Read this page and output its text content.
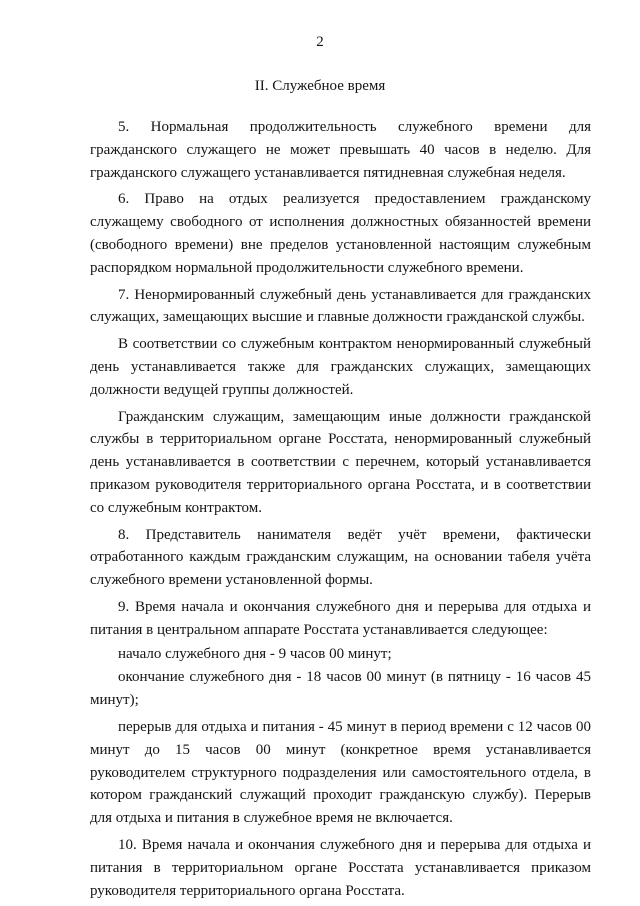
2
II. Служебное время

5. Нормальная продолжительность служебного времени для гражданского служащего не может превышать 40 часов в неделю. Для гражданского служащего устанавливается пятидневная служебная неделя.

6. Право на отдых реализуется предоставлением гражданскому служащему свободного от исполнения должностных обязанностей времени (свободного времени) вне пределов установленной настоящим служебным распорядком нормальной продолжительности служебного времени.

7. Ненормированный служебный день устанавливается для гражданских служащих, замещающих высшие и главные должности гражданской службы.

В соответствии со служебным контрактом ненормированный служебный день устанавливается также для гражданских служащих, замещающих должности ведущей группы должностей.

Гражданским служащим, замещающим иные должности гражданской службы в территориальном органе Росстата, ненормированный служебный день устанавливается в соответствии с перечнем, который устанавливается приказом руководителя территориального органа Росстата, и в соответствии со служебным контрактом.

8. Представитель нанимателя ведёт учёт времени, фактически отработанного каждым гражданским служащим, на основании табеля учёта служебного времени установленной формы.

9. Время начала и окончания служебного дня и перерыва для отдыха и питания в центральном аппарате Росстата устанавливается следующее:

начало служебного дня - 9 часов 00 минут;

окончание служебного дня - 18 часов 00 минут (в пятницу - 16 часов 45 минут);

перерыв для отдыха и питания - 45 минут в период времени с 12 часов 00 минут до 15 часов 00 минут (конкретное время устанавливается руководителем структурного подразделения или самостоятельного отдела, в котором гражданский служащий проходит гражданскую службу). Перерыв для отдыха и питания в служебное время не включается.

10. Время начала и окончания служебного дня и перерыва для отдыха и питания в территориальном органе Росстата устанавливается приказом руководителя территориального органа Росстата.
